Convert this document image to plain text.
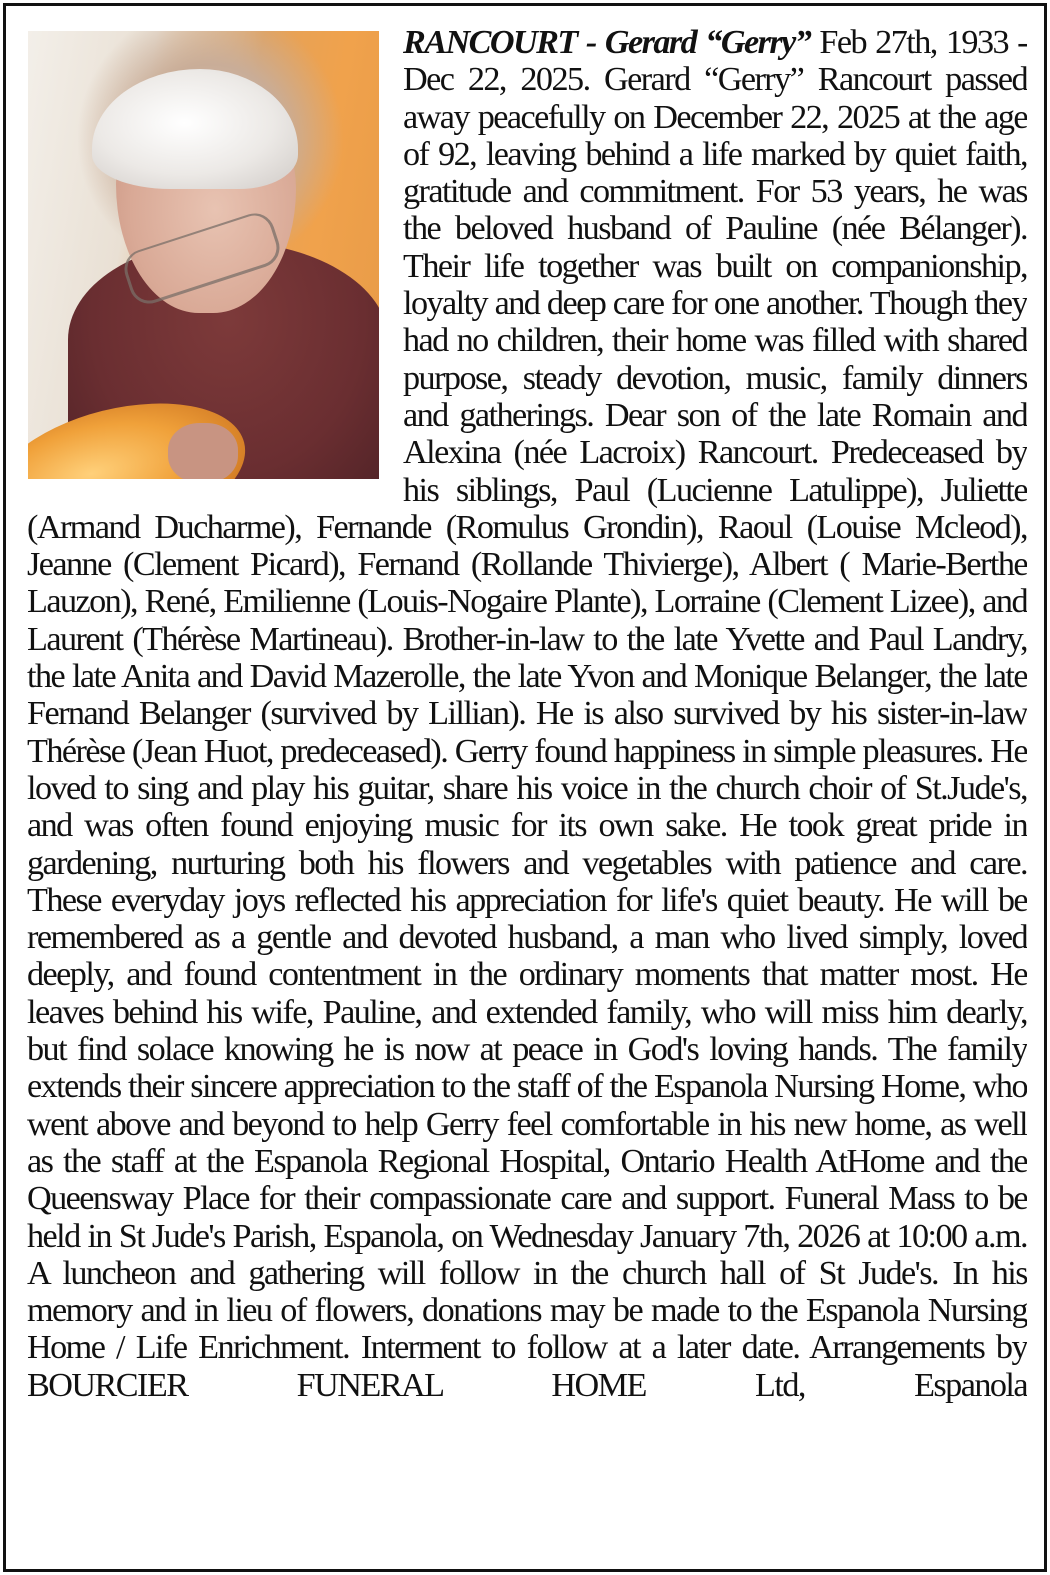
RANCOURT - Gerard “Gerry” Feb 27th, 1933 - Dec 22, 2025. Gerard “Gerry” Rancourt passed away peacefully on December 22, 2025 at the age of 92, leaving behind a life marked by quiet faith, gratitude and commitment. For 53 years, he was the beloved husband of Pauline (née Bélanger). Their life together was built on companionship, loyalty and deep care for one another. Though they had no children, their home was filled with shared purpose, steady devotion, music, family dinners and gatherings. Dear son of the late Romain and Alexina (née Lacroix) Rancourt. Predeceased by his siblings, Paul (Lucienne Latulippe), Juliette (Armand Ducharme), Fernande (Romulus Grondin), Raoul (Louise Mcleod), Jeanne (Clement Picard), Fernand (Rollande Thivierge), Albert ( Marie-Berthe Lauzon), René, Emilienne (Louis-Nogaire Plante), Lorraine (Clement Lizee), and Laurent (Thérèse Martineau). Brother-in-law to the late Yvette and Paul Landry, the late Anita and David Mazerolle, the late Yvon and Monique Belanger, the late Fernand Belanger (survived by Lillian). He is also survived by his sister-in-law Thérèse (Jean Huot, predeceased). Gerry found happiness in simple pleasures. He loved to sing and play his guitar, share his voice in the church choir of St.Jude's, and was often found enjoying music for its own sake. He took great pride in gardening, nurturing both his flowers and vegetables with patience and care. These everyday joys reflected his appreciation for life's quiet beauty. He will be remembered as a gentle and devoted husband, a man who lived simply, loved deeply, and found contentment in the ordinary moments that matter most. He leaves behind his wife, Pauline, and extended family, who will miss him dearly, but find solace knowing he is now at peace in God's loving hands. The family extends their sincere appreciation to the staff of the Espanola Nursing Home, who went above and beyond to help Gerry feel comfortable in his new home, as well as the staff at the Espanola Regional Hospital, Ontario Health AtHome and the Queensway Place for their compassionate care and support. Funeral Mass to be held in St Jude's Parish, Espanola, on Wednesday January 7th, 2026 at 10:00 a.m. A luncheon and gathering will follow in the church hall of St Jude's. In his memory and in lieu of flowers, donations may be made to the Espanola Nursing Home / Life Enrichment. Interment to follow at a later date. Arrangements by BOURCIER FUNERAL HOME Ltd, Espanola
